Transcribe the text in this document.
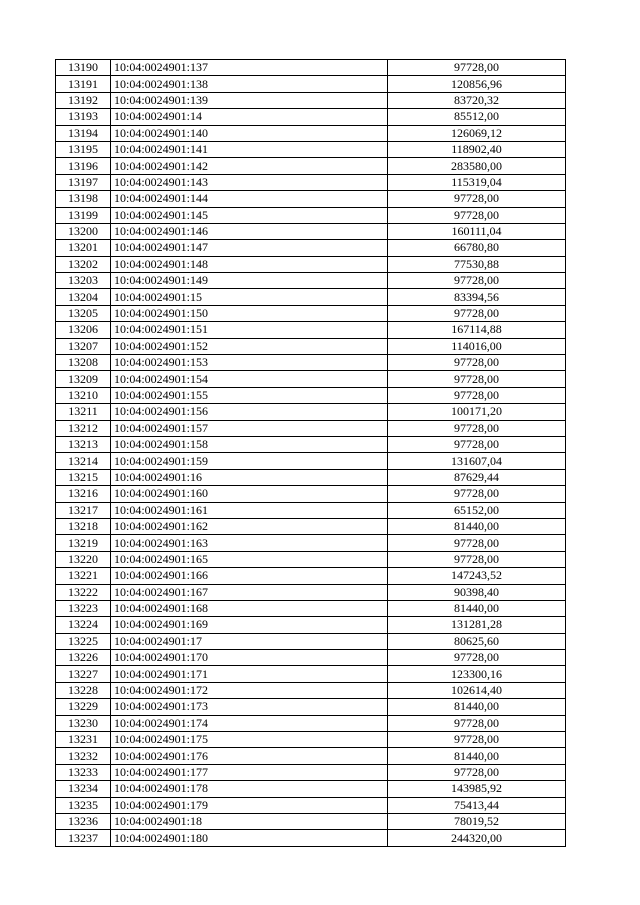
13190	10:04:0024901:137	97728,00
13191	10:04:0024901:138	120856,96
13192	10:04:0024901:139	83720,32
13193	10:04:0024901:14	85512,00
13194	10:04:0024901:140	126069,12
13195	10:04:0024901:141	118902,40
13196	10:04:0024901:142	283580,00
13197	10:04:0024901:143	115319,04
13198	10:04:0024901:144	97728,00
13199	10:04:0024901:145	97728,00
13200	10:04:0024901:146	160111,04
13201	10:04:0024901:147	66780,80
13202	10:04:0024901:148	77530,88
13203	10:04:0024901:149	97728,00
13204	10:04:0024901:15	83394,56
13205	10:04:0024901:150	97728,00
13206	10:04:0024901:151	167114,88
13207	10:04:0024901:152	114016,00
13208	10:04:0024901:153	97728,00
13209	10:04:0024901:154	97728,00
13210	10:04:0024901:155	97728,00
13211	10:04:0024901:156	100171,20
13212	10:04:0024901:157	97728,00
13213	10:04:0024901:158	97728,00
13214	10:04:0024901:159	131607,04
13215	10:04:0024901:16	87629,44
13216	10:04:0024901:160	97728,00
13217	10:04:0024901:161	65152,00
13218	10:04:0024901:162	81440,00
13219	10:04:0024901:163	97728,00
13220	10:04:0024901:165	97728,00
13221	10:04:0024901:166	147243,52
13222	10:04:0024901:167	90398,40
13223	10:04:0024901:168	81440,00
13224	10:04:0024901:169	131281,28
13225	10:04:0024901:17	80625,60
13226	10:04:0024901:170	97728,00
13227	10:04:0024901:171	123300,16
13228	10:04:0024901:172	102614,40
13229	10:04:0024901:173	81440,00
13230	10:04:0024901:174	97728,00
13231	10:04:0024901:175	97728,00
13232	10:04:0024901:176	81440,00
13233	10:04:0024901:177	97728,00
13234	10:04:0024901:178	143985,92
13235	10:04:0024901:179	75413,44
13236	10:04:0024901:18	78019,52
13237	10:04:0024901:180	244320,00
